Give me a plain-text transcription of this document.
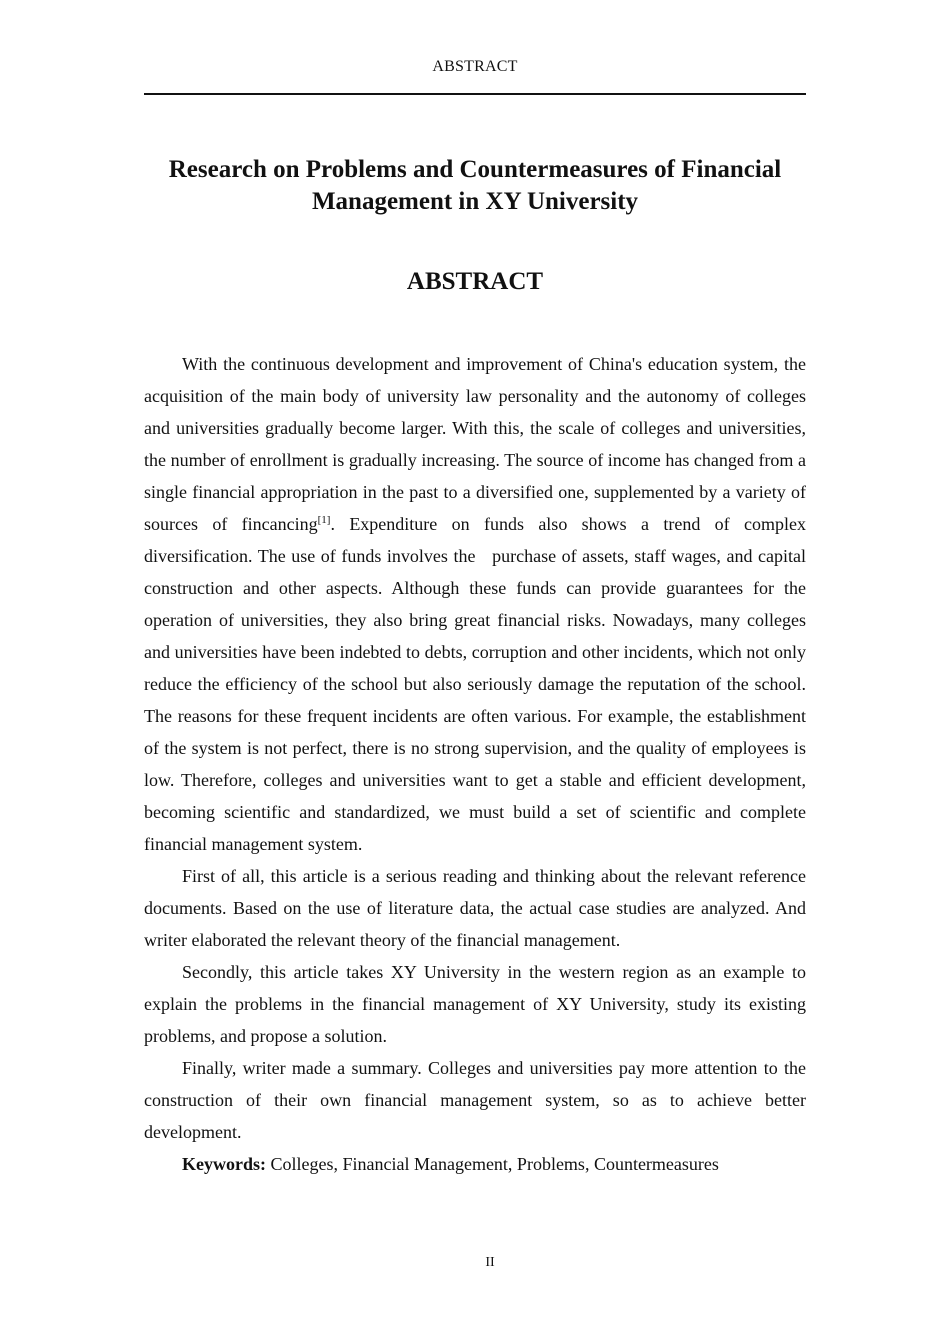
ABSTRACT
Research on Problems and Countermeasures of Financial Management in XY University
ABSTRACT

With the continuous development and improvement of China's education system, the acquisition of the main body of university law personality and the autonomy of colleges and universities gradually become larger. With this, the scale of colleges and universities, the number of enrollment is gradually increasing. The source of income has changed from a single financial appropriation in the past to a diversified one, supplemented by a variety of sources of fincancing[1]. Expenditure on funds also shows a trend of complex diversification. The use of funds involves the   purchase of assets, staff wages, and capital construction and other aspects. Although these funds can provide guarantees for the operation of universities, they also bring great financial risks. Nowadays, many colleges and universities have been indebted to debts, corruption and other incidents, which not only reduce the efficiency of the school but also seriously damage the reputation of the school. The reasons for these frequent incidents are often various. For example, the establishment of the system is not perfect, there is no strong supervision, and the quality of employees is low. Therefore, colleges and universities want to get a stable and efficient development, becoming scientific and standardized, we must build a set of scientific and complete financial management system.

First of all, this article is a serious reading and thinking about the relevant reference documents. Based on the use of literature data, the actual case studies are analyzed. And writer elaborated the relevant theory of the financial management.

Secondly, this article takes XY University in the western region as an example to explain the problems in the financial management of XY University, study its existing problems, and propose a solution.

Finally, writer made a summary. Colleges and universities pay more attention to the construction of their own financial management system, so as to achieve better development.

Keywords: Colleges, Financial Management, Problems, Countermeasures

II
